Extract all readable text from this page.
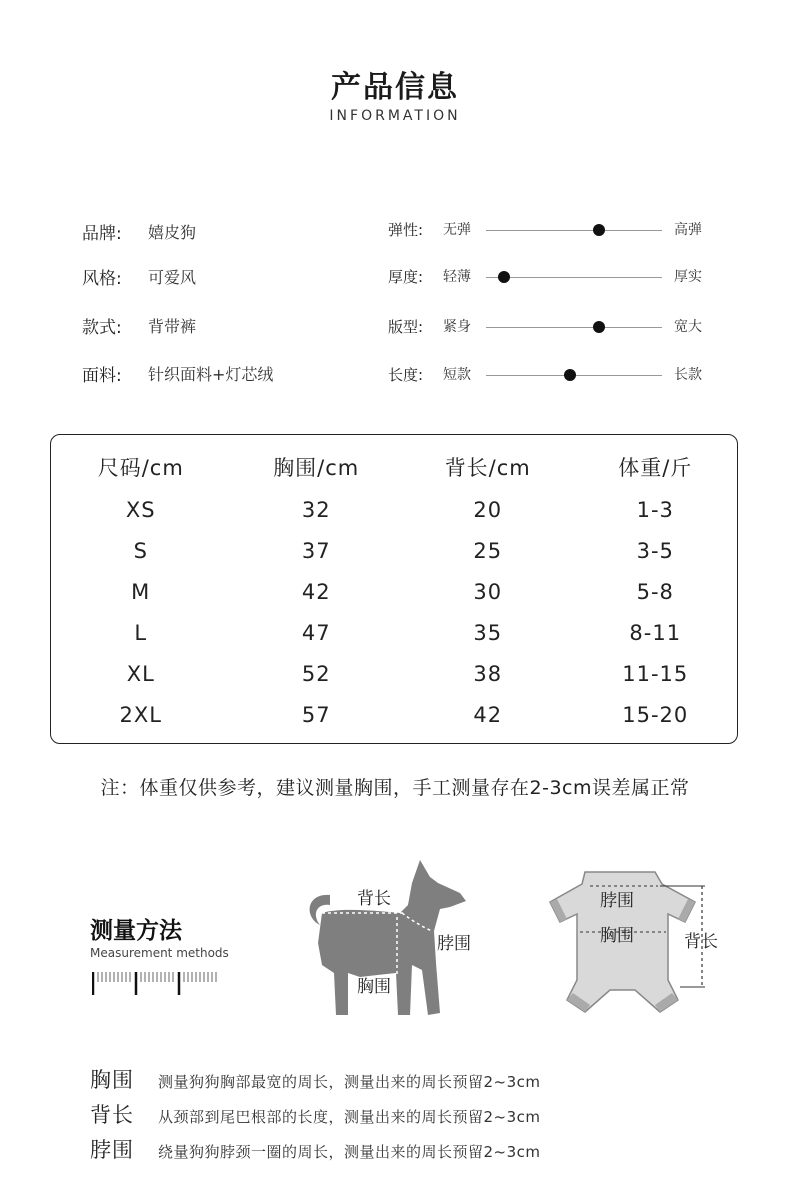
产品信息
INFORMATION
品牌:	嬉皮狗
风格:	可爱风
款式:	背带裤
面料:	针织面料+灯芯绒
弹性: 无弹	高弹
厚度: 轻薄	厚实
版型: 紧身	宽大
长度: 短款	长款
尺码/cm	胸围/cm	背长/cm	体重/斤
XS	32	20	1-3
S	37	25	3-5
M	42	30	5-8
L	47	35	8-11
XL	52	38	11-15
2XL	57	42	15-20
注：体重仅供参考，建议测量胸围，手工测量存在2-3cm误差属正常
测量方法
Measurement methods
背长
脖围
胸围
脖围
胸围	背长
胸围	测量狗狗胸部最宽的周长，测量出来的周长预留2~3cm
背长	从颈部到尾巴根部的长度，测量出来的周长预留2~3cm
脖围	绕量狗狗脖颈一圈的周长，测量出来的周长预留2~3cm
